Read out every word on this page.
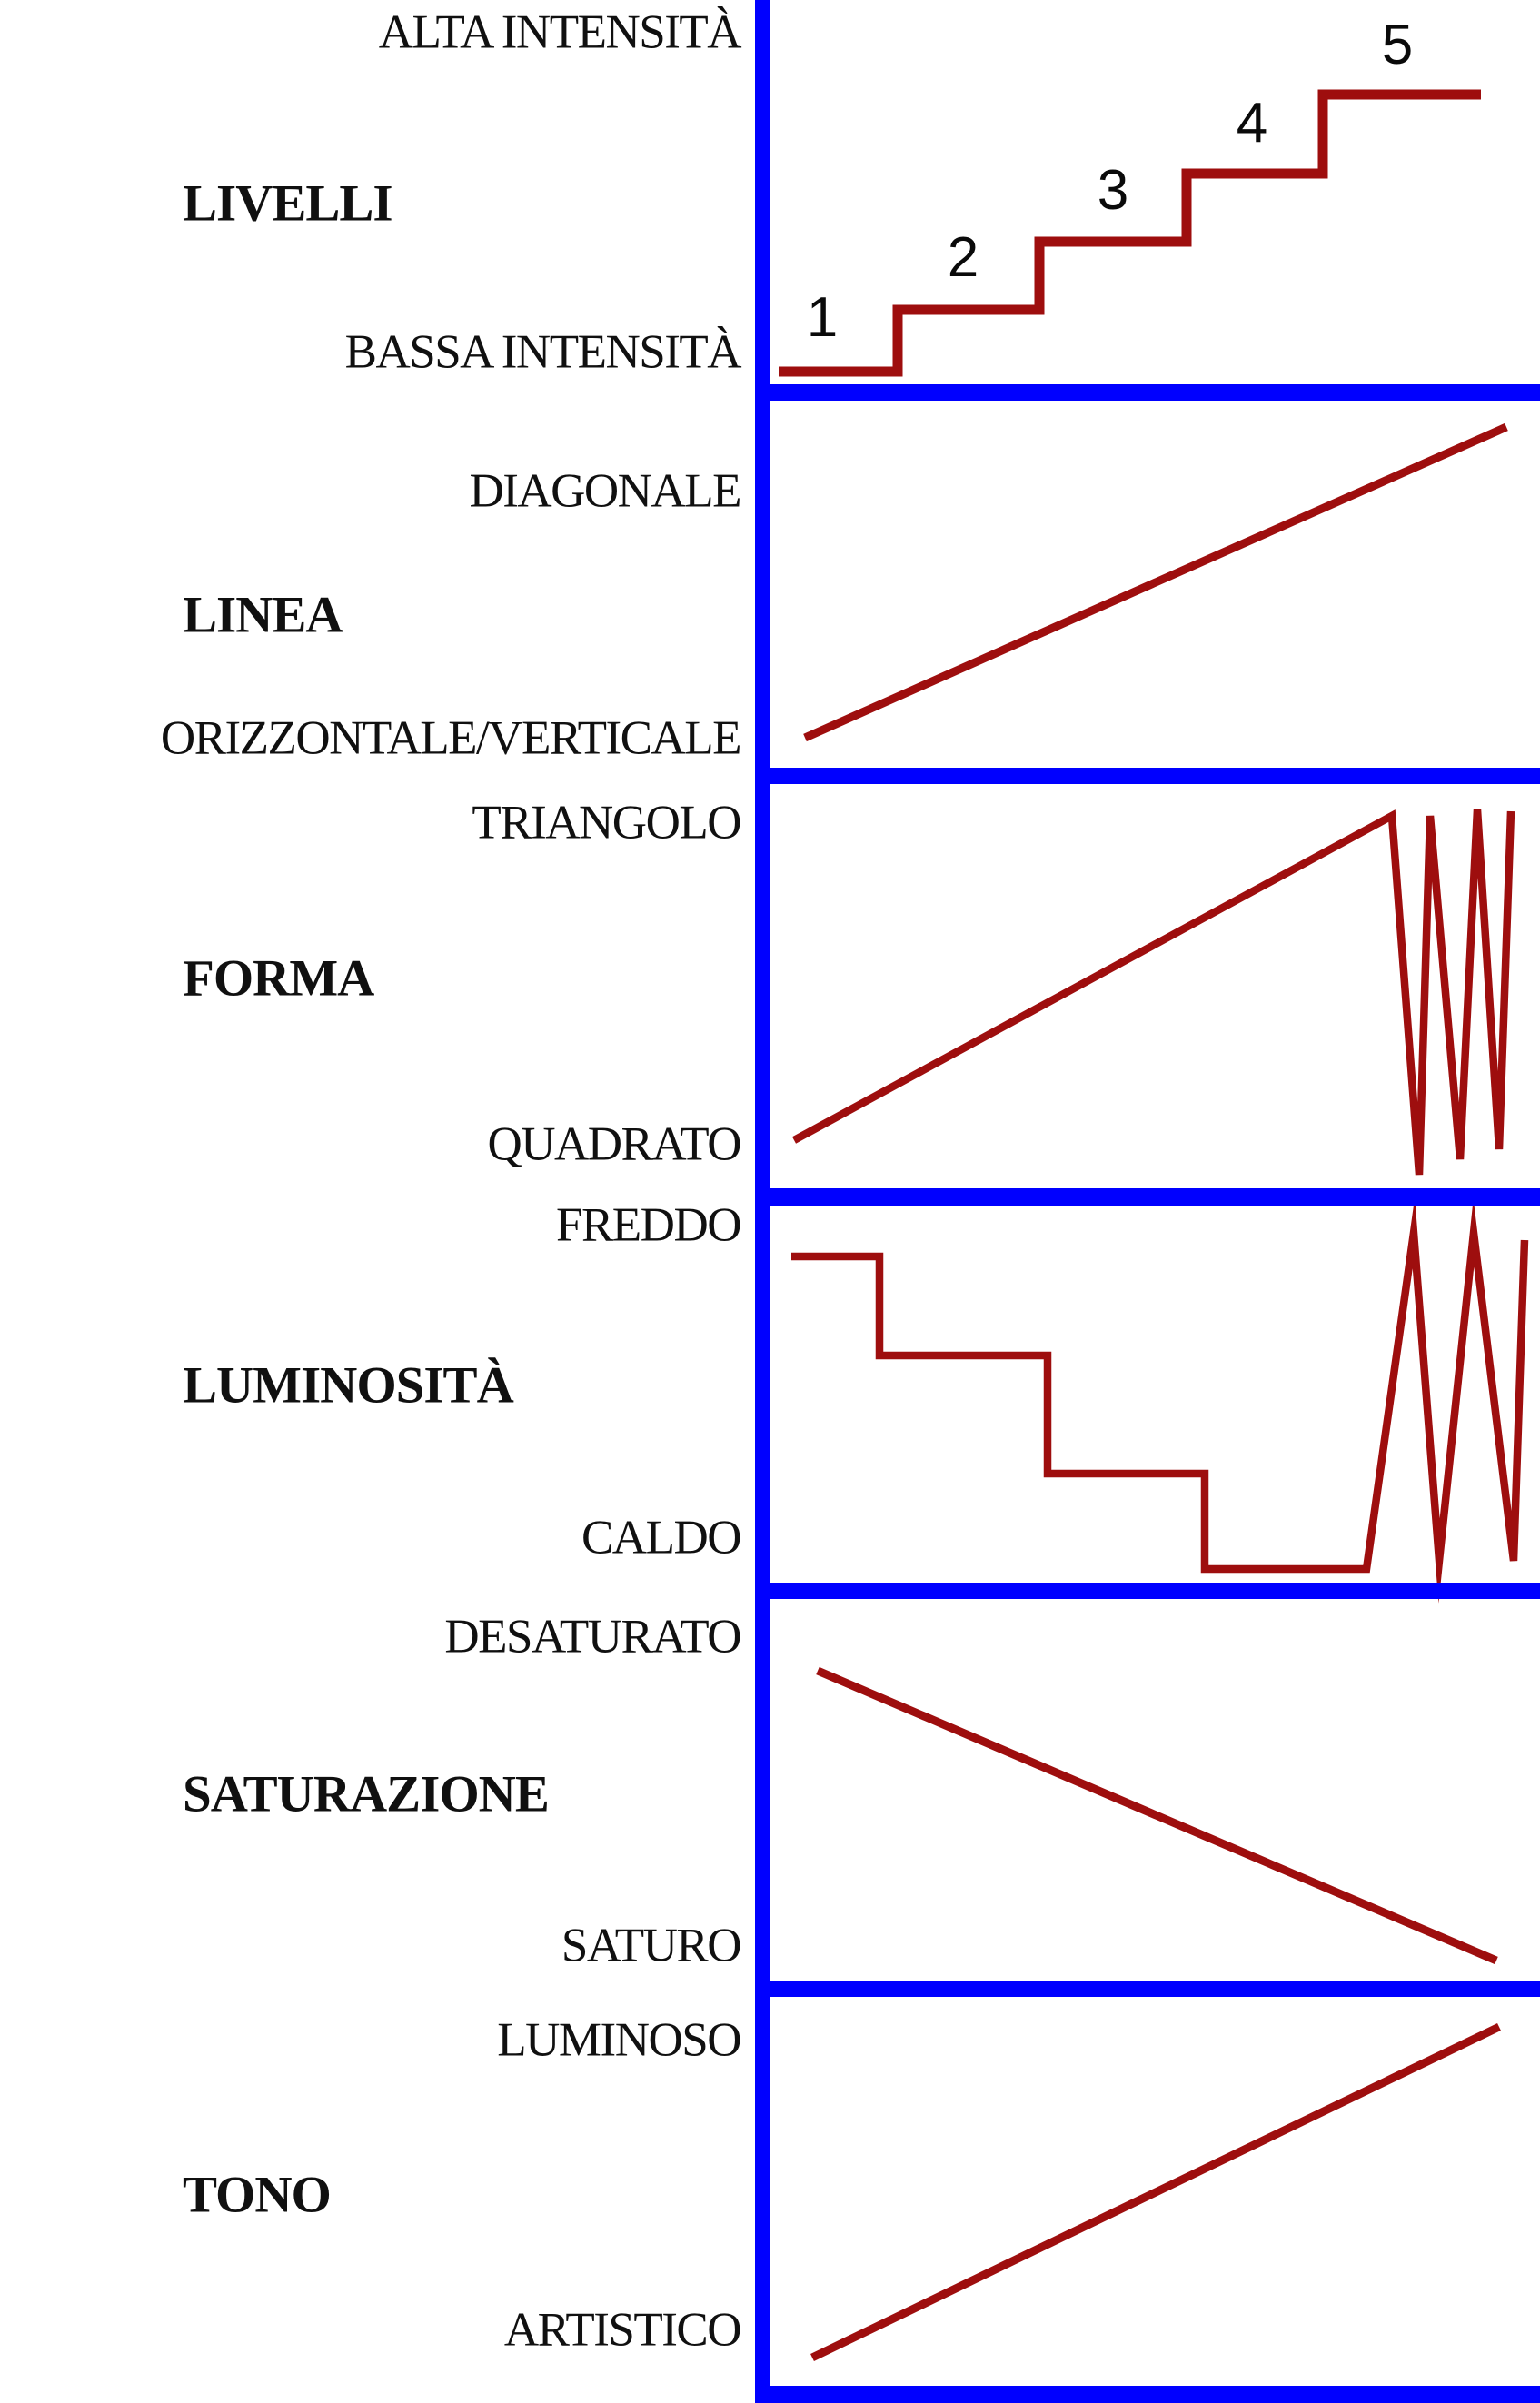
ALTA INTENSITÀ
LIVELLI
BASSA INTENSITÀ
1
2
3
4
5
DIAGONALE
LINEA
ORIZZONTALE/VERTICALE
TRIANGOLO
FORMA
QUADRATO
FREDDO
LUMINOSITÀ
CALDO
DESATURATO
SATURAZIONE
SATURO
LUMINOSO
TONO
ARTISTICO
